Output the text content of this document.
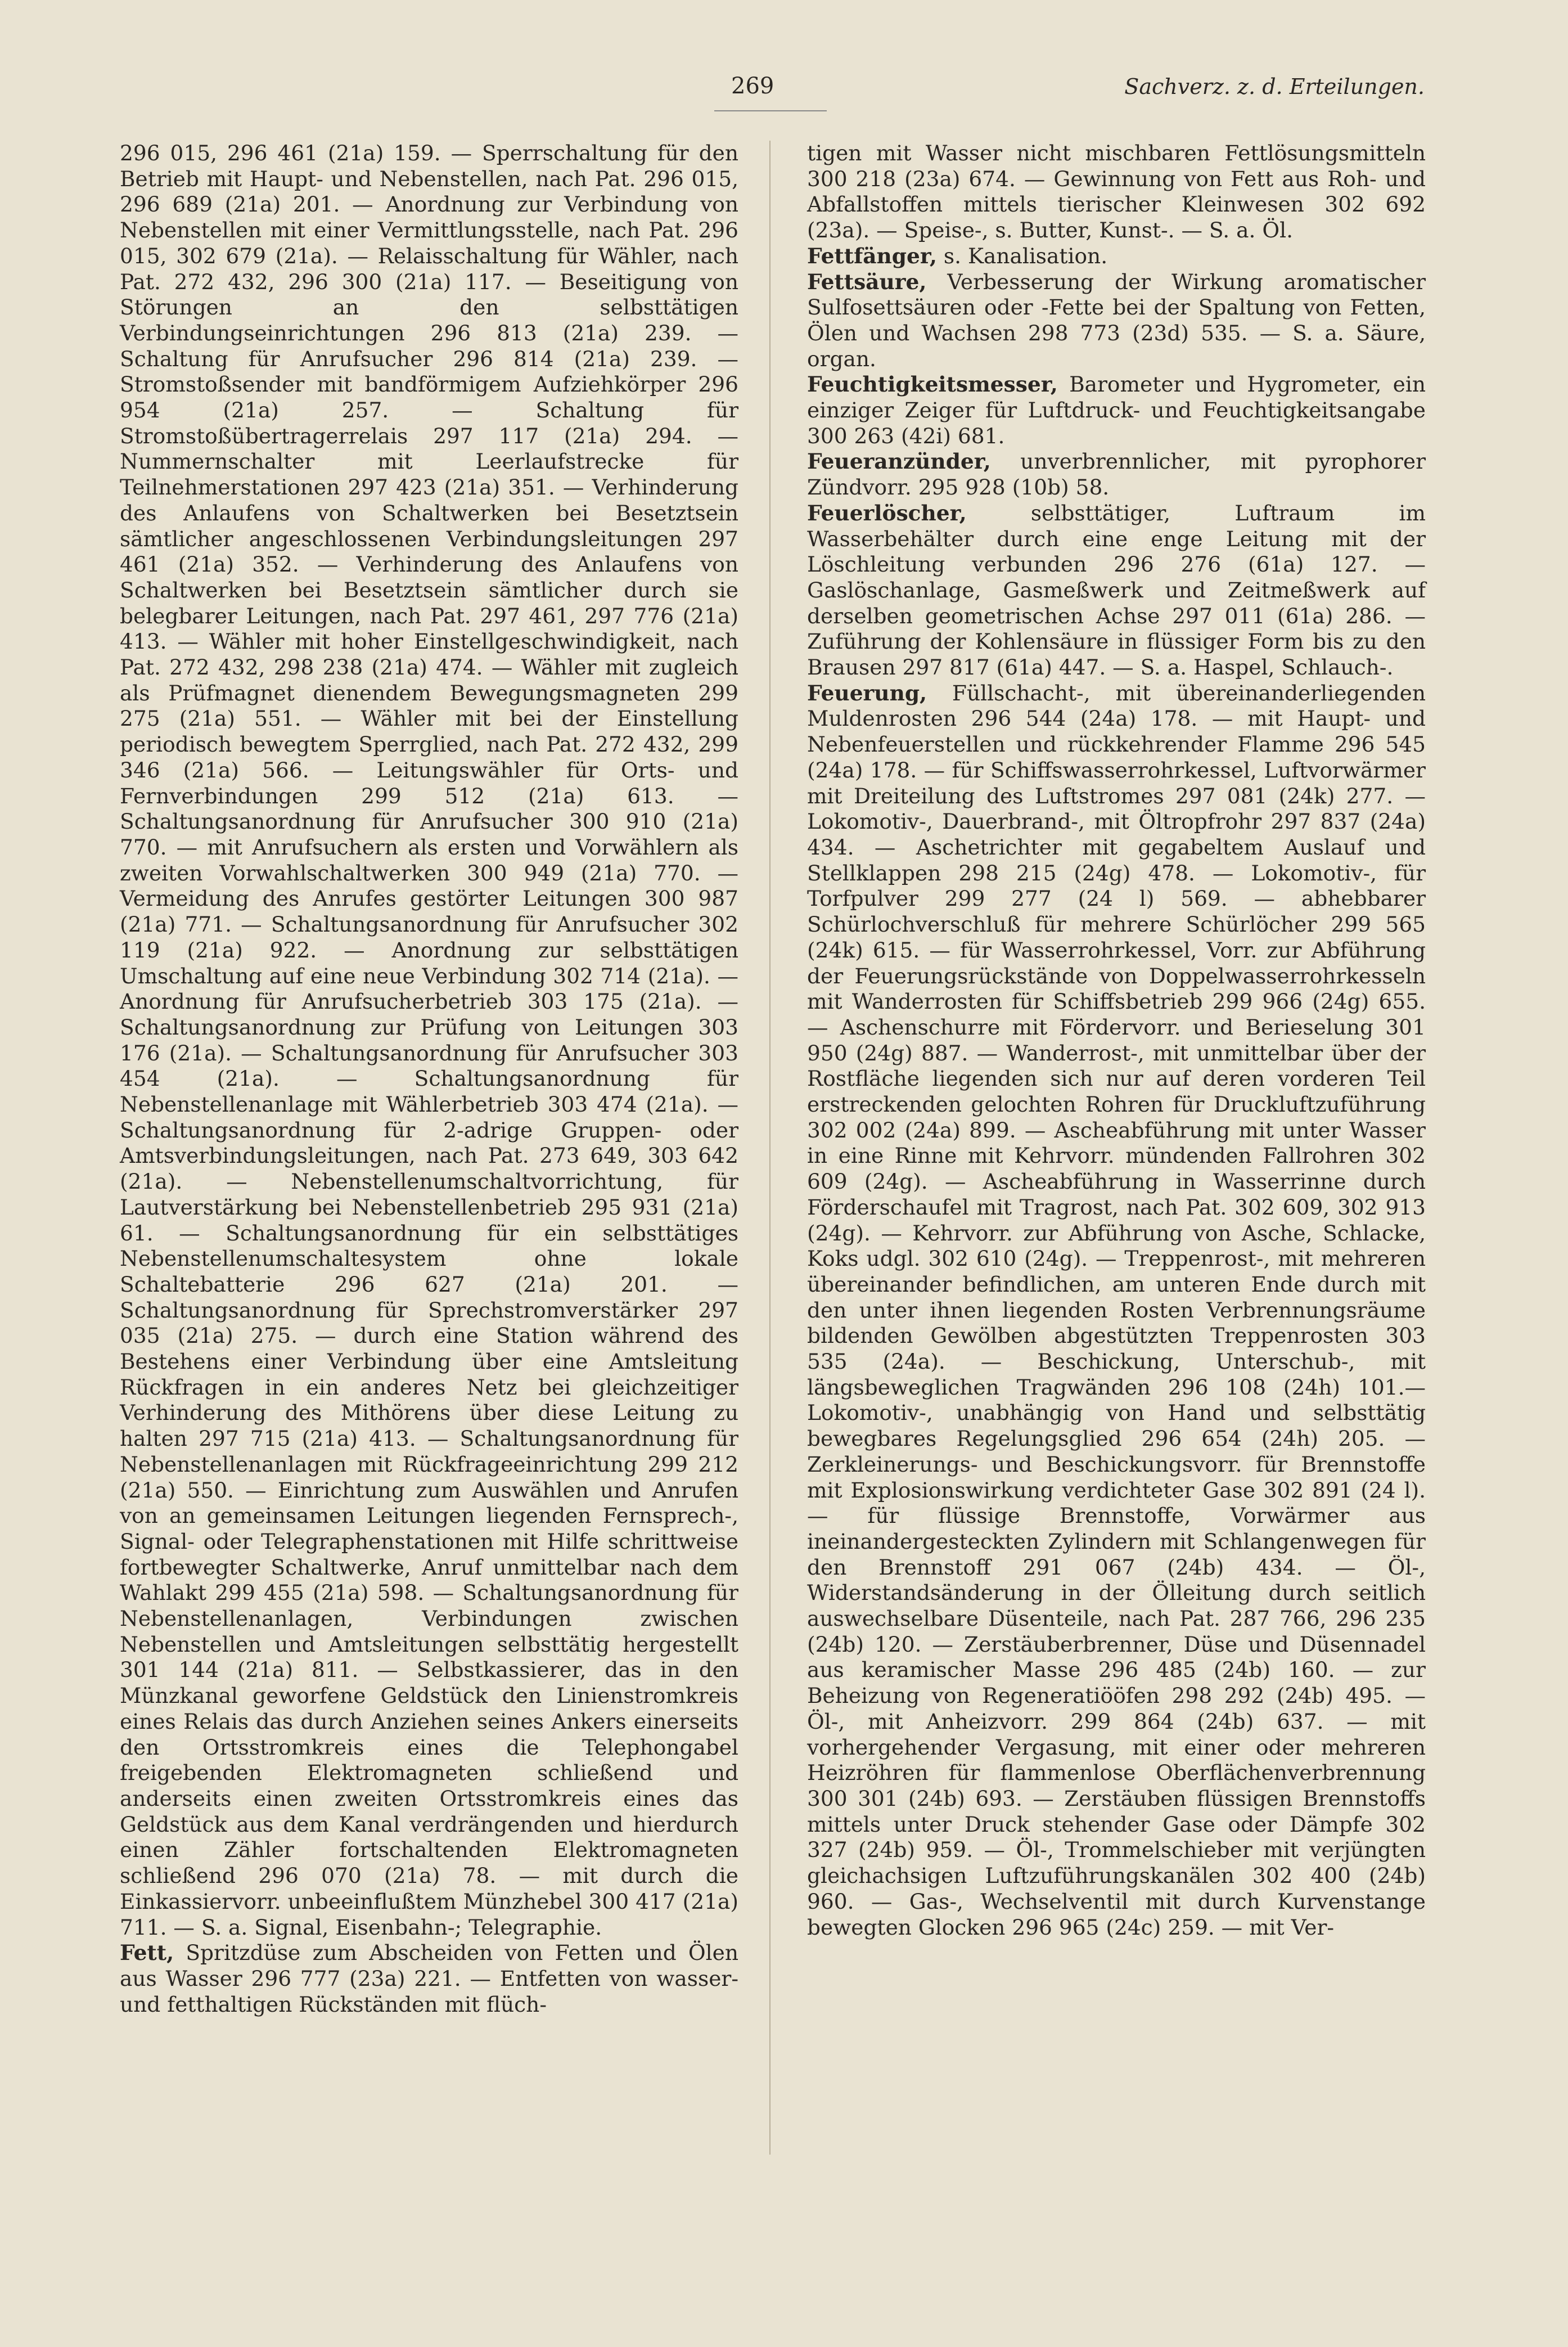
269	Sachverz. z. d. Erteilungen.

296 015, 296 461 (21a) 159. — Sperrschaltung für den Betrieb mit Haupt- und Nebenstellen, nach Pat. 296 015, 296 689 (21a) 201. — Anordnung zur Verbindung von Nebenstellen mit einer Vermittlungsstelle, nach Pat. 296 015, 302 679 (21a). — Relaisschaltung für Wähler, nach Pat. 272 432, 296 300 (21a) 117. — Beseitigung von Störungen an den selbsttätigen Verbindungseinrichtungen 296 813 (21a) 239. — Schaltung für Anrufsucher 296 814 (21a) 239. — Stromstoßsender mit bandförmigem Aufziehkörper 296 954 (21a) 257. — Schaltung für Stromstoßübertragerrelais 297 117 (21a) 294. — Nummernschalter mit Leerlaufstrecke für Teilnehmerstationen 297 423 (21a) 351. — Verhinderung des Anlaufens von Schaltwerken bei Besetztsein sämtlicher angeschlossenen Verbindungsleitungen 297 461 (21a) 352. — Verhinderung des Anlaufens von Schaltwerken bei Besetztsein sämtlicher durch sie belegbarer Leitungen, nach Pat. 297 461, 297 776 (21a) 413. — Wähler mit hoher Einstellgeschwindigkeit, nach Pat. 272 432, 298 238 (21a) 474. — Wähler mit zugleich als Prüfmagnet dienendem Bewegungsmagneten 299 275 (21a) 551. — Wähler mit bei der Einstellung periodisch bewegtem Sperrglied, nach Pat. 272 432, 299 346 (21a) 566. — Leitungswähler für Orts- und Fernverbindungen 299 512 (21a) 613. — Schaltungsanordnung für Anrufsucher 300 910 (21a) 770. — mit Anrufsuchern als ersten und Vorwählern als zweiten Vorwahlschaltwerken 300 949 (21a) 770. — Vermeidung des Anrufes gestörter Leitungen 300 987 (21a) 771. — Schaltungsanordnung für Anrufsucher 302 119 (21a) 922. — Anordnung zur selbsttätigen Umschaltung auf eine neue Verbindung 302 714 (21a). — Anordnung für Anrufsucherbetrieb 303 175 (21a). — Schaltungsanordnung zur Prüfung von Leitungen 303 176 (21a). — Schaltungsanordnung für Anrufsucher 303 454 (21a). — Schaltungsanordnung für Nebenstellenanlage mit Wählerbetrieb 303 474 (21a). — Schaltungsanordnung für 2-adrige Gruppen- oder Amtsverbindungsleitungen, nach Pat. 273 649, 303 642 (21a). — Nebenstellenumschaltvorrichtung, für Lautverstärkung bei Nebenstellenbetrieb 295 931 (21a) 61. — Schaltungsanordnung für ein selbsttätiges Nebenstellenumschaltesystem ohne lokale Schaltebatterie 296 627 (21a) 201. — Schaltungsanordnung für Sprechstromverstärker 297 035 (21a) 275. — durch eine Station während des Bestehens einer Verbindung über eine Amtsleitung Rückfragen in ein anderes Netz bei gleichzeitiger Verhinderung des Mithörens über diese Leitung zu halten 297 715 (21a) 413. — Schaltungsanordnung für Nebenstellenanlagen mit Rückfrageeinrichtung 299 212 (21a) 550. — Einrichtung zum Auswählen und Anrufen von an gemeinsamen Leitungen liegenden Fernsprech-, Signal- oder Telegraphenstationen mit Hilfe schrittweise fortbewegter Schaltwerke, Anruf unmittelbar nach dem Wahlakt 299 455 (21a) 598. — Schaltungsanordnung für Nebenstellenanlagen, Verbindungen zwischen Nebenstellen und Amtsleitungen selbsttätig hergestellt 301 144 (21a) 811. — Selbstkassierer, das in den Münzkanal geworfene Geldstück den Linienstromkreis eines Relais das durch Anziehen seines Ankers einerseits den Ortsstromkreis eines die Telephongabel freigebenden Elektromagneten schließend und anderseits einen zweiten Ortsstromkreis eines das Geldstück aus dem Kanal verdrängenden und hierdurch einen Zähler fortschaltenden Elektromagneten schließend 296 070 (21a) 78. — mit durch die Einkassiervorr. unbeeinflußtem Münzhebel 300 417 (21a) 711. — S. a. Signal, Eisenbahn-; Telegraphie.

Fett, Spritzdüse zum Abscheiden von Fetten und Ölen aus Wasser 296 777 (23a) 221. — Entfetten von wasser- und fetthaltigen Rückständen mit flüch-

tigen mit Wasser nicht mischbaren Fettlösungsmitteln 300 218 (23a) 674. — Gewinnung von Fett aus Roh- und Abfallstoffen mittels tierischer Kleinwesen 302 692 (23a). — Speise-, s. Butter, Kunst-. — S. a. Öl.

Fettfänger, s. Kanalisation.

Fettsäure, Verbesserung der Wirkung aromatischer Sulfosettsäuren oder -Fette bei der Spaltung von Fetten, Ölen und Wachsen 298 773 (23d) 535. — S. a. Säure, organ.

Feuchtigkeitsmesser, Barometer und Hygrometer, ein einziger Zeiger für Luftdruck- und Feuchtigkeitsangabe 300 263 (42i) 681.

Feueranzünder, unverbrennlicher, mit pyrophorer Zündvorr. 295 928 (10b) 58.

Feuerlöscher, selbsttätiger, Luftraum im Wasserbehälter durch eine enge Leitung mit der Löschleitung verbunden 296 276 (61a) 127. — Gaslöschanlage, Gasmeßwerk und Zeitmeßwerk auf derselben geometrischen Achse 297 011 (61a) 286. — Zuführung der Kohlensäure in flüssiger Form bis zu den Brausen 297 817 (61a) 447. — S. a. Haspel, Schlauch-.

Feuerung, Füllschacht-, mit übereinanderliegenden Muldenrosten 296 544 (24a) 178. — mit Haupt- und Nebenfeuerstellen und rückkehrender Flamme 296 545 (24a) 178. — für Schiffswasserrohrkessel, Luftvorwärmer mit Dreiteilung des Luftstromes 297 081 (24k) 277. — Lokomotiv-, Dauerbrand-, mit Öltropfrohr 297 837 (24a) 434. — Aschetrichter mit gegabeltem Auslauf und Stellklappen 298 215 (24g) 478. — Lokomotiv-, für Torfpulver 299 277 (24 l) 569. — abhebbarer Schürlochverschluß für mehrere Schürlöcher 299 565 (24k) 615. — für Wasserrohrkessel, Vorr. zur Abführung der Feuerungsrückstände von Doppelwasserrohrkesseln mit Wanderrosten für Schiffsbetrieb 299 966 (24g) 655. — Aschenschurre mit Fördervorr. und Berieselung 301 950 (24g) 887. — Wanderrost-, mit unmittelbar über der Rostfläche liegenden sich nur auf deren vorderen Teil erstreckenden gelochten Rohren für Druckluftzuführung 302 002 (24a) 899. — Ascheabführung mit unter Wasser in eine Rinne mit Kehrvorr. mündenden Fallrohren 302 609 (24g). — Ascheabführung in Wasserrinne durch Förderschaufel mit Tragrost, nach Pat. 302 609, 302 913 (24g). — Kehrvorr. zur Abführung von Asche, Schlacke, Koks udgl. 302 610 (24g). — Treppenrost-, mit mehreren übereinander befindlichen, am unteren Ende durch mit den unter ihnen liegenden Rosten Verbrennungsräume bildenden Gewölben abgestützten Treppenrosten 303 535 (24a). — Beschickung, Unterschub-, mit längsbeweglichen Tragwänden 296 108 (24h) 101.—Lokomotiv-, unabhängig von Hand und selbsttätig bewegbares Regelungsglied 296 654 (24h) 205. — Zerkleinerungs- und Beschickungsvorr. für Brennstoffe mit Explosionswirkung verdichteter Gase 302 891 (24 l). — für flüssige Brennstoffe, Vorwärmer aus ineinandergesteckten Zylindern mit Schlangenwegen für den Brennstoff 291 067 (24b) 434. — Öl-, Widerstandsänderung in der Ölleitung durch seitlich auswechselbare Düsenteile, nach Pat. 287 766, 296 235 (24b) 120. — Zerstäuberbrenner, Düse und Düsennadel aus keramischer Masse 296 485 (24b) 160. — zur Beheizung von Regeneratiööfen 298 292 (24b) 495. — Öl-, mit Anheizvorr. 299 864 (24b) 637. — mit vorhergehender Vergasung, mit einer oder mehreren Heizröhren für flammenlose Oberflächenverbrennung 300 301 (24b) 693. — Zerstäuben flüssigen Brennstoffs mittels unter Druck stehender Gase oder Dämpfe 302 327 (24b) 959. — Öl-, Trommelschieber mit verjüngten gleichachsigen Luftzuführungskanälen 302 400 (24b) 960. — Gas-, Wechselventil mit durch Kurvenstange bewegten Glocken 296 965 (24c) 259. — mit Ver-
